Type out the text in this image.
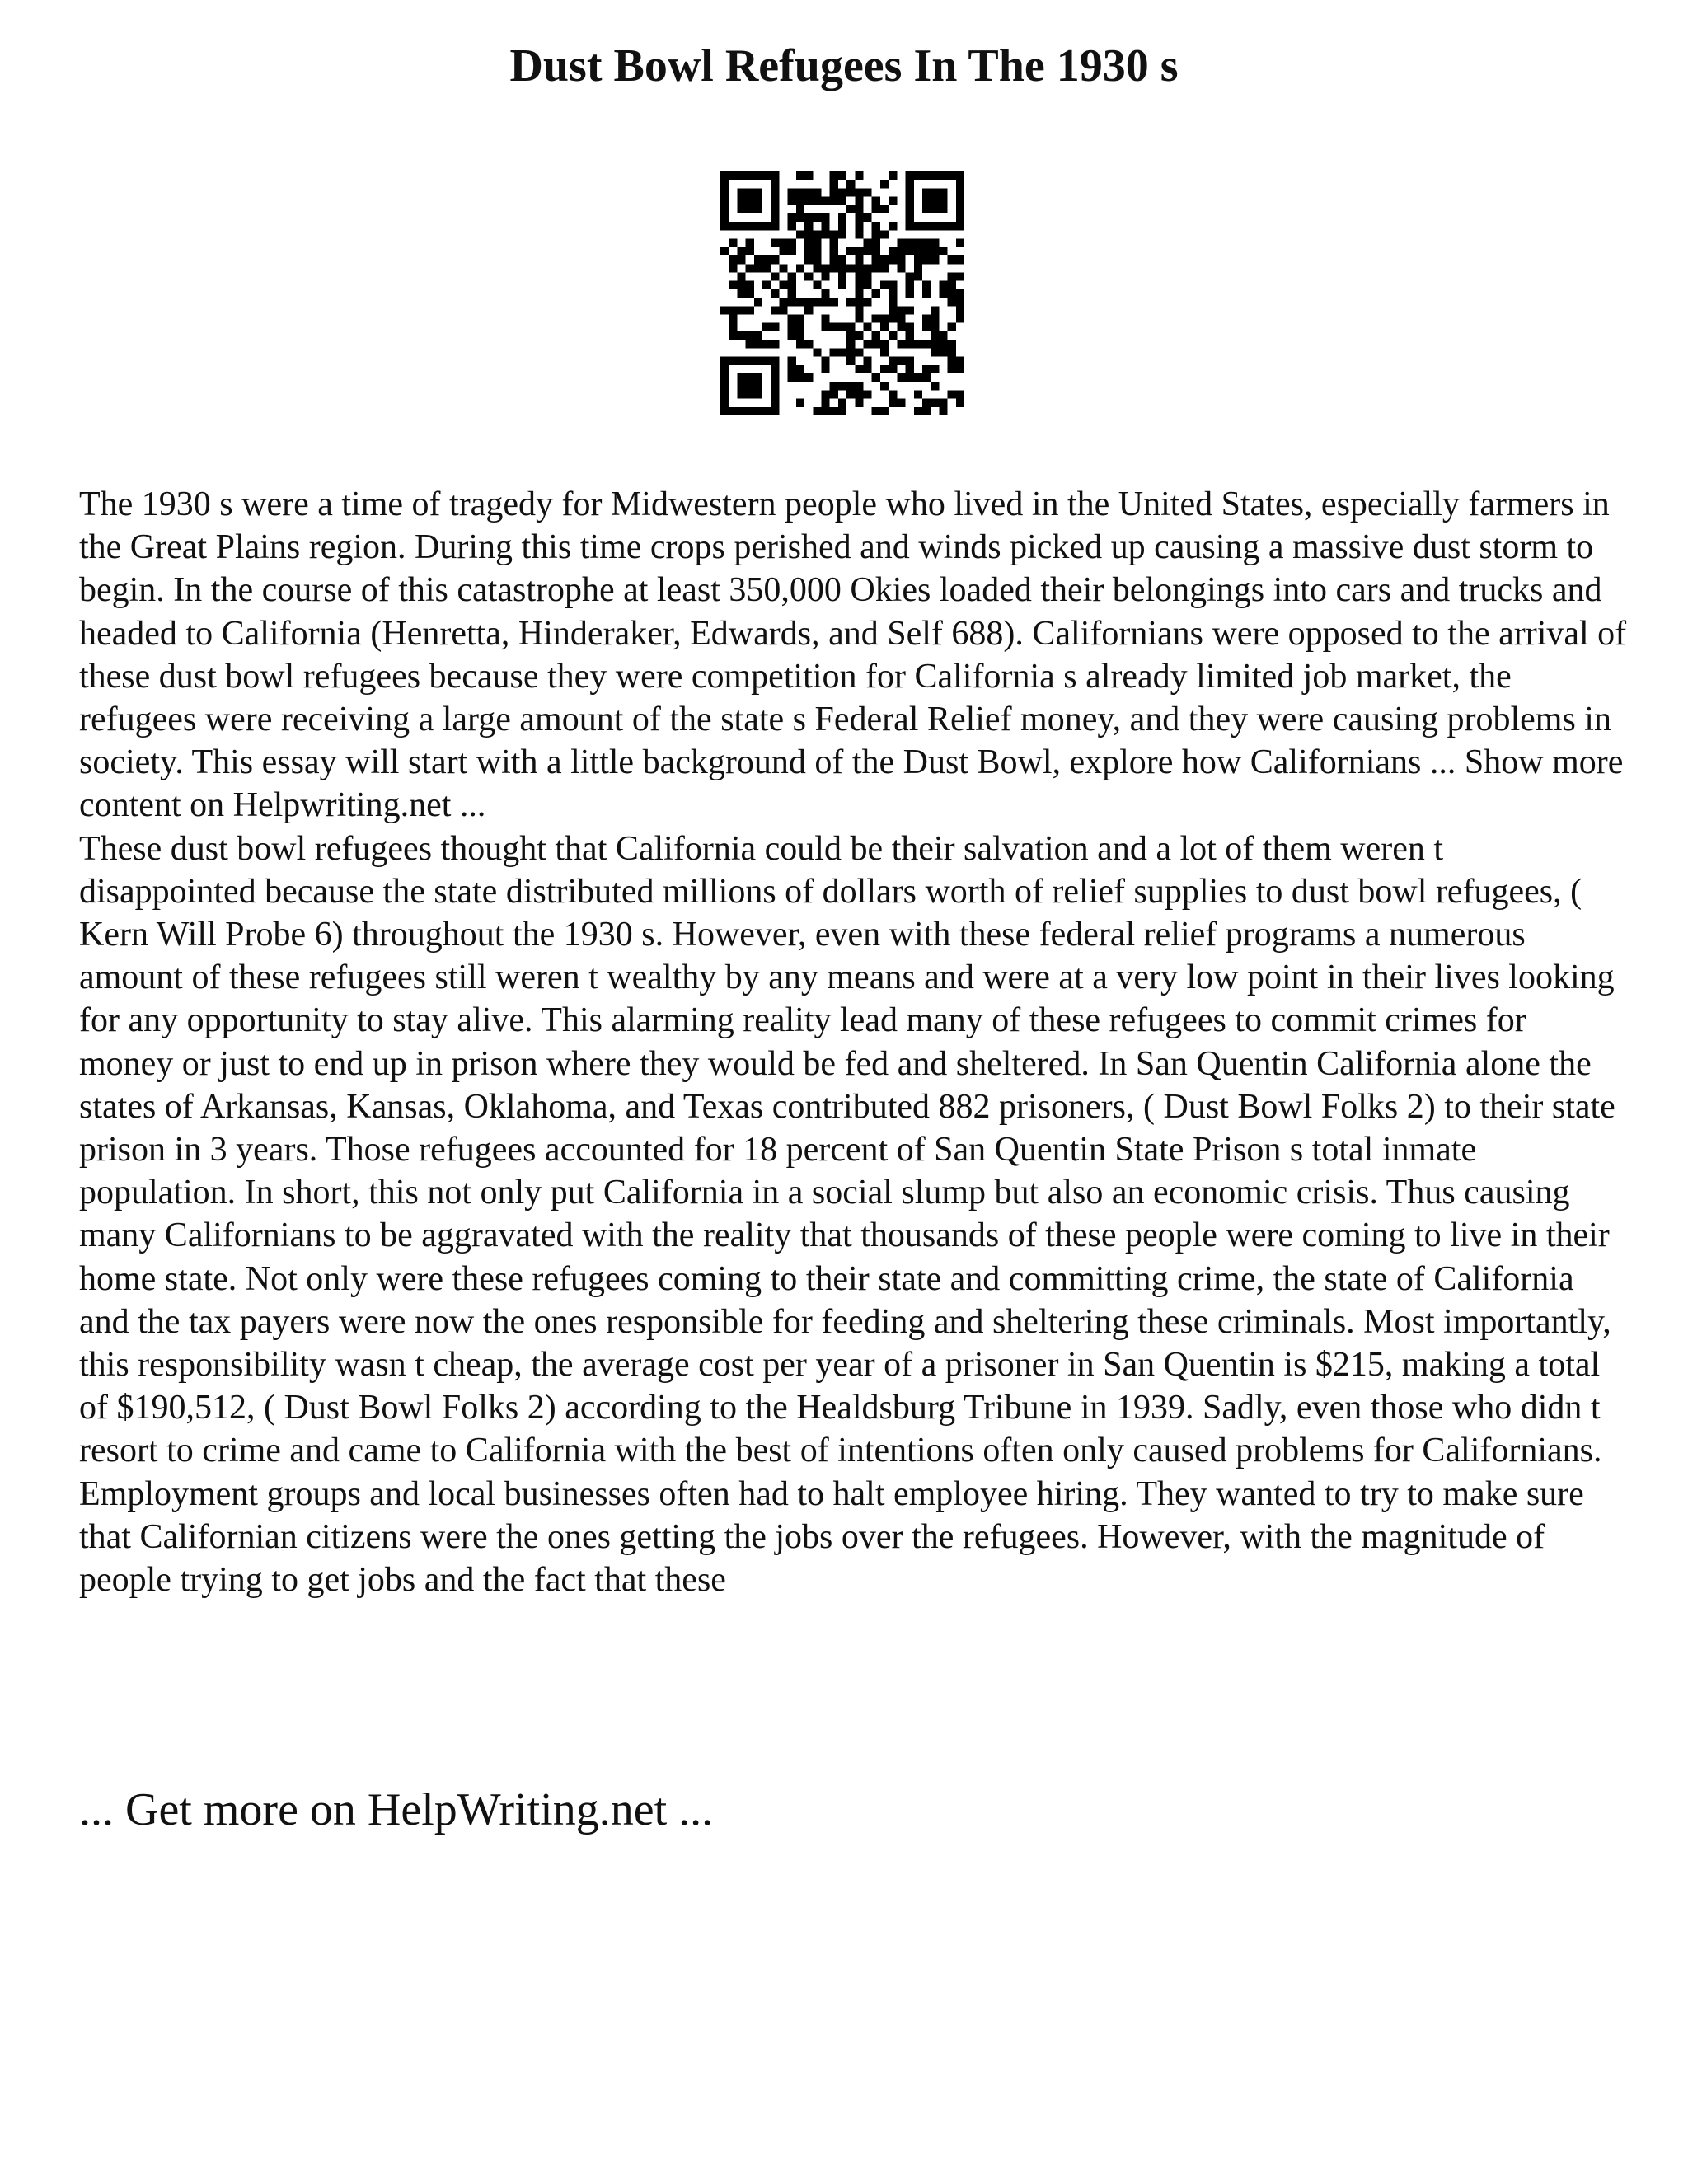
Dust Bowl Refugees In The 1930 s

The 1930 s were a time of tragedy for Midwestern people who lived in the United States, especially farmers in the Great Plains region. During this time crops perished and winds picked up causing a massive dust storm to begin. In the course of this catastrophe at least 350,000 Okies loaded their belongings into cars and trucks and headed to California (Henretta, Hinderaker, Edwards, and Self 688). Californians were opposed to the arrival of these dust bowl refugees because they were competition for California s already limited job market, the refugees were receiving a large amount of the state s Federal Relief money, and they were causing problems in society. This essay will start with a little background of the Dust Bowl, explore how Californians ... Show more content on Helpwriting.net ...

These dust bowl refugees thought that California could be their salvation and a lot of them weren t disappointed because the state distributed millions of dollars worth of relief supplies to dust bowl refugees, ( Kern Will Probe 6) throughout the 1930 s. However, even with these federal relief programs a numerous amount of these refugees still weren t wealthy by any means and were at a very low point in their lives looking for any opportunity to stay alive. This alarming reality lead many of these refugees to commit crimes for money or just to end up in prison where they would be fed and sheltered. In San Quentin California alone the states of Arkansas, Kansas, Oklahoma, and Texas contributed 882 prisoners, ( Dust Bowl Folks 2) to their state prison in 3 years. Those refugees accounted for 18 percent of San Quentin State Prison s total inmate population. In short, this not only put California in a social slump but also an economic crisis. Thus causing many Californians to be aggravated with the reality that thousands of these people were coming to live in their home state. Not only were these refugees coming to their state and committing crime, the state of California and the tax payers were now the ones responsible for feeding and sheltering these criminals. Most importantly, this responsibility wasn t cheap, the average cost per year of a prisoner in San Quentin is $215, making a total of $190,512, ( Dust Bowl Folks 2) according to the Healdsburg Tribune in 1939. Sadly, even those who didn t resort to crime and came to California with the best of intentions often only caused problems for Californians. Employment groups and local businesses often had to halt employee hiring. They wanted to try to make sure that Californian citizens were the ones getting the jobs over the refugees. However, with the magnitude of people trying to get jobs and the fact that these

... Get more on HelpWriting.net ...
